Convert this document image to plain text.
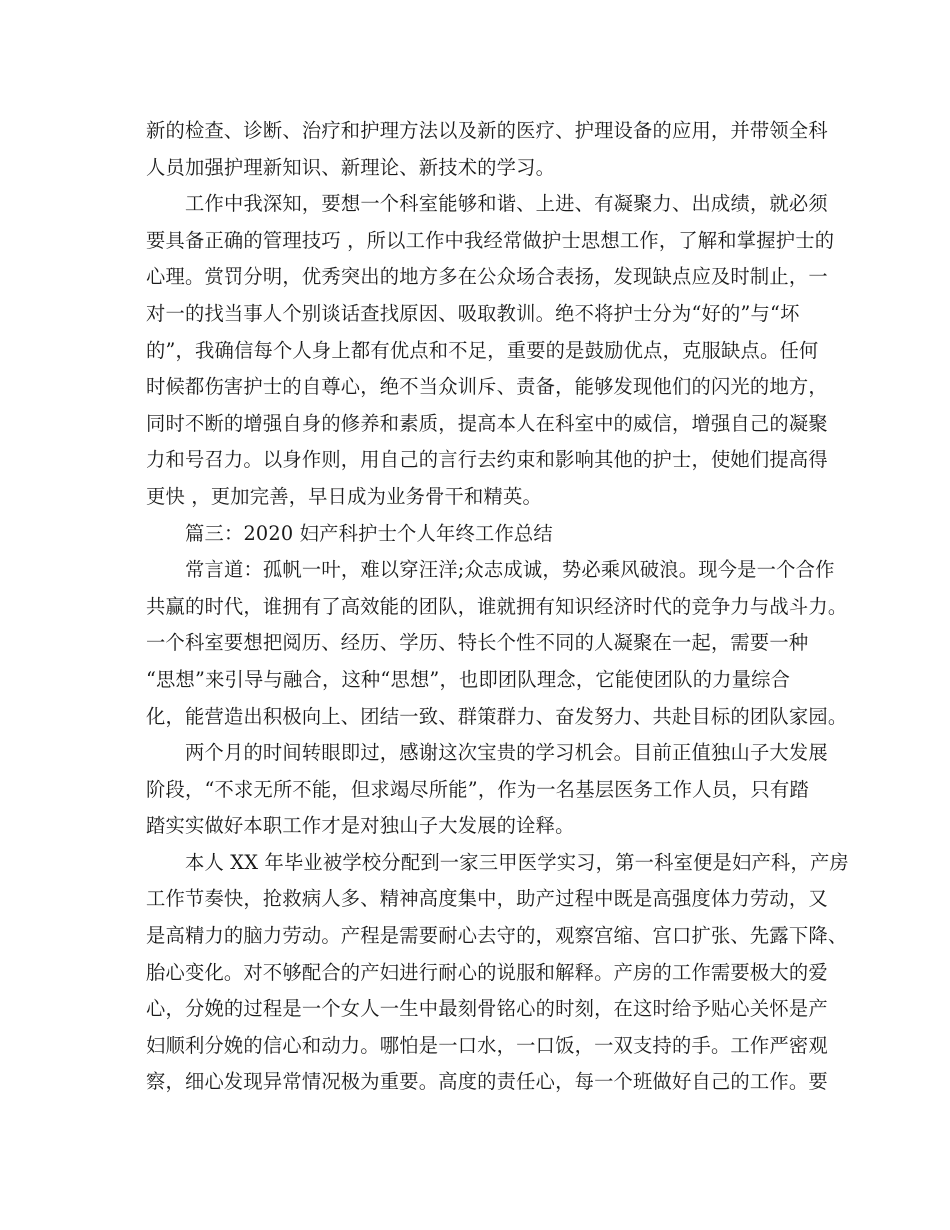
新的检查、诊断、治疗和护理方法以及新的医疗、护理设备的应用，并带领全科
人员加强护理新知识、新理论、新技术的学习。
工作中我深知，要想一个科室能够和谐、上进、有凝聚力、出成绩，就必须
要具备正确的管理技巧 ，所以工作中我经常做护士思想工作，了解和掌握护士的
心理。赏罚分明，优秀突出的地方多在公众场合表扬，发现缺点应及时制止，一
对一的找当事人个别谈话查找原因、吸取教训。绝不将护士分为“好的”与“坏
的”，我确信每个人身上都有优点和不足，重要的是鼓励优点，克服缺点。任何
时候都伤害护士的自尊心，绝不当众训斥、责备，能够发现他们的闪光的地方，
同时不断的增强自身的修养和素质，提高本人在科室中的威信，增强自己的凝聚
力和号召力。以身作则，用自己的言行去约束和影响其他的护士，使她们提高得
更快 ，更加完善，早日成为业务骨干和精英。
篇三：2020 妇产科护士个人年终工作总结
常言道：孤帆一叶，难以穿汪洋;众志成诚，势必乘风破浪。现今是一个合作
共赢的时代，谁拥有了高效能的团队，谁就拥有知识经济时代的竞争力与战斗力。
一个科室要想把阅历、经历、学历、特长个性不同的人凝聚在一起，需要一种
“思想”来引导与融合，这种“思想”，也即团队理念，它能使团队的力量综合
化，能营造出积极向上、团结一致、群策群力、奋发努力、共赴目标的团队家园。
两个月的时间转眼即过，感谢这次宝贵的学习机会。目前正值独山子大发展
阶段，“不求无所不能，但求竭尽所能”，作为一名基层医务工作人员，只有踏
踏实实做好本职工作才是对独山子大发展的诠释。
本人 XX 年毕业被学校分配到一家三甲医学实习，第一科室便是妇产科，产房
工作节奏快，抢救病人多、精神高度集中，助产过程中既是高强度体力劳动，又
是高精力的脑力劳动。产程是需要耐心去守的，观察宫缩、宫口扩张、先露下降、
胎心变化。对不够配合的产妇进行耐心的说服和解释。产房的工作需要极大的爱
心，分娩的过程是一个女人一生中最刻骨铭心的时刻，在这时给予贴心关怀是产
妇顺利分娩的信心和动力。哪怕是一口水，一口饭，一双支持的手。工作严密观
察，细心发现异常情况极为重要。高度的责任心，每一个班做好自己的工作。要
